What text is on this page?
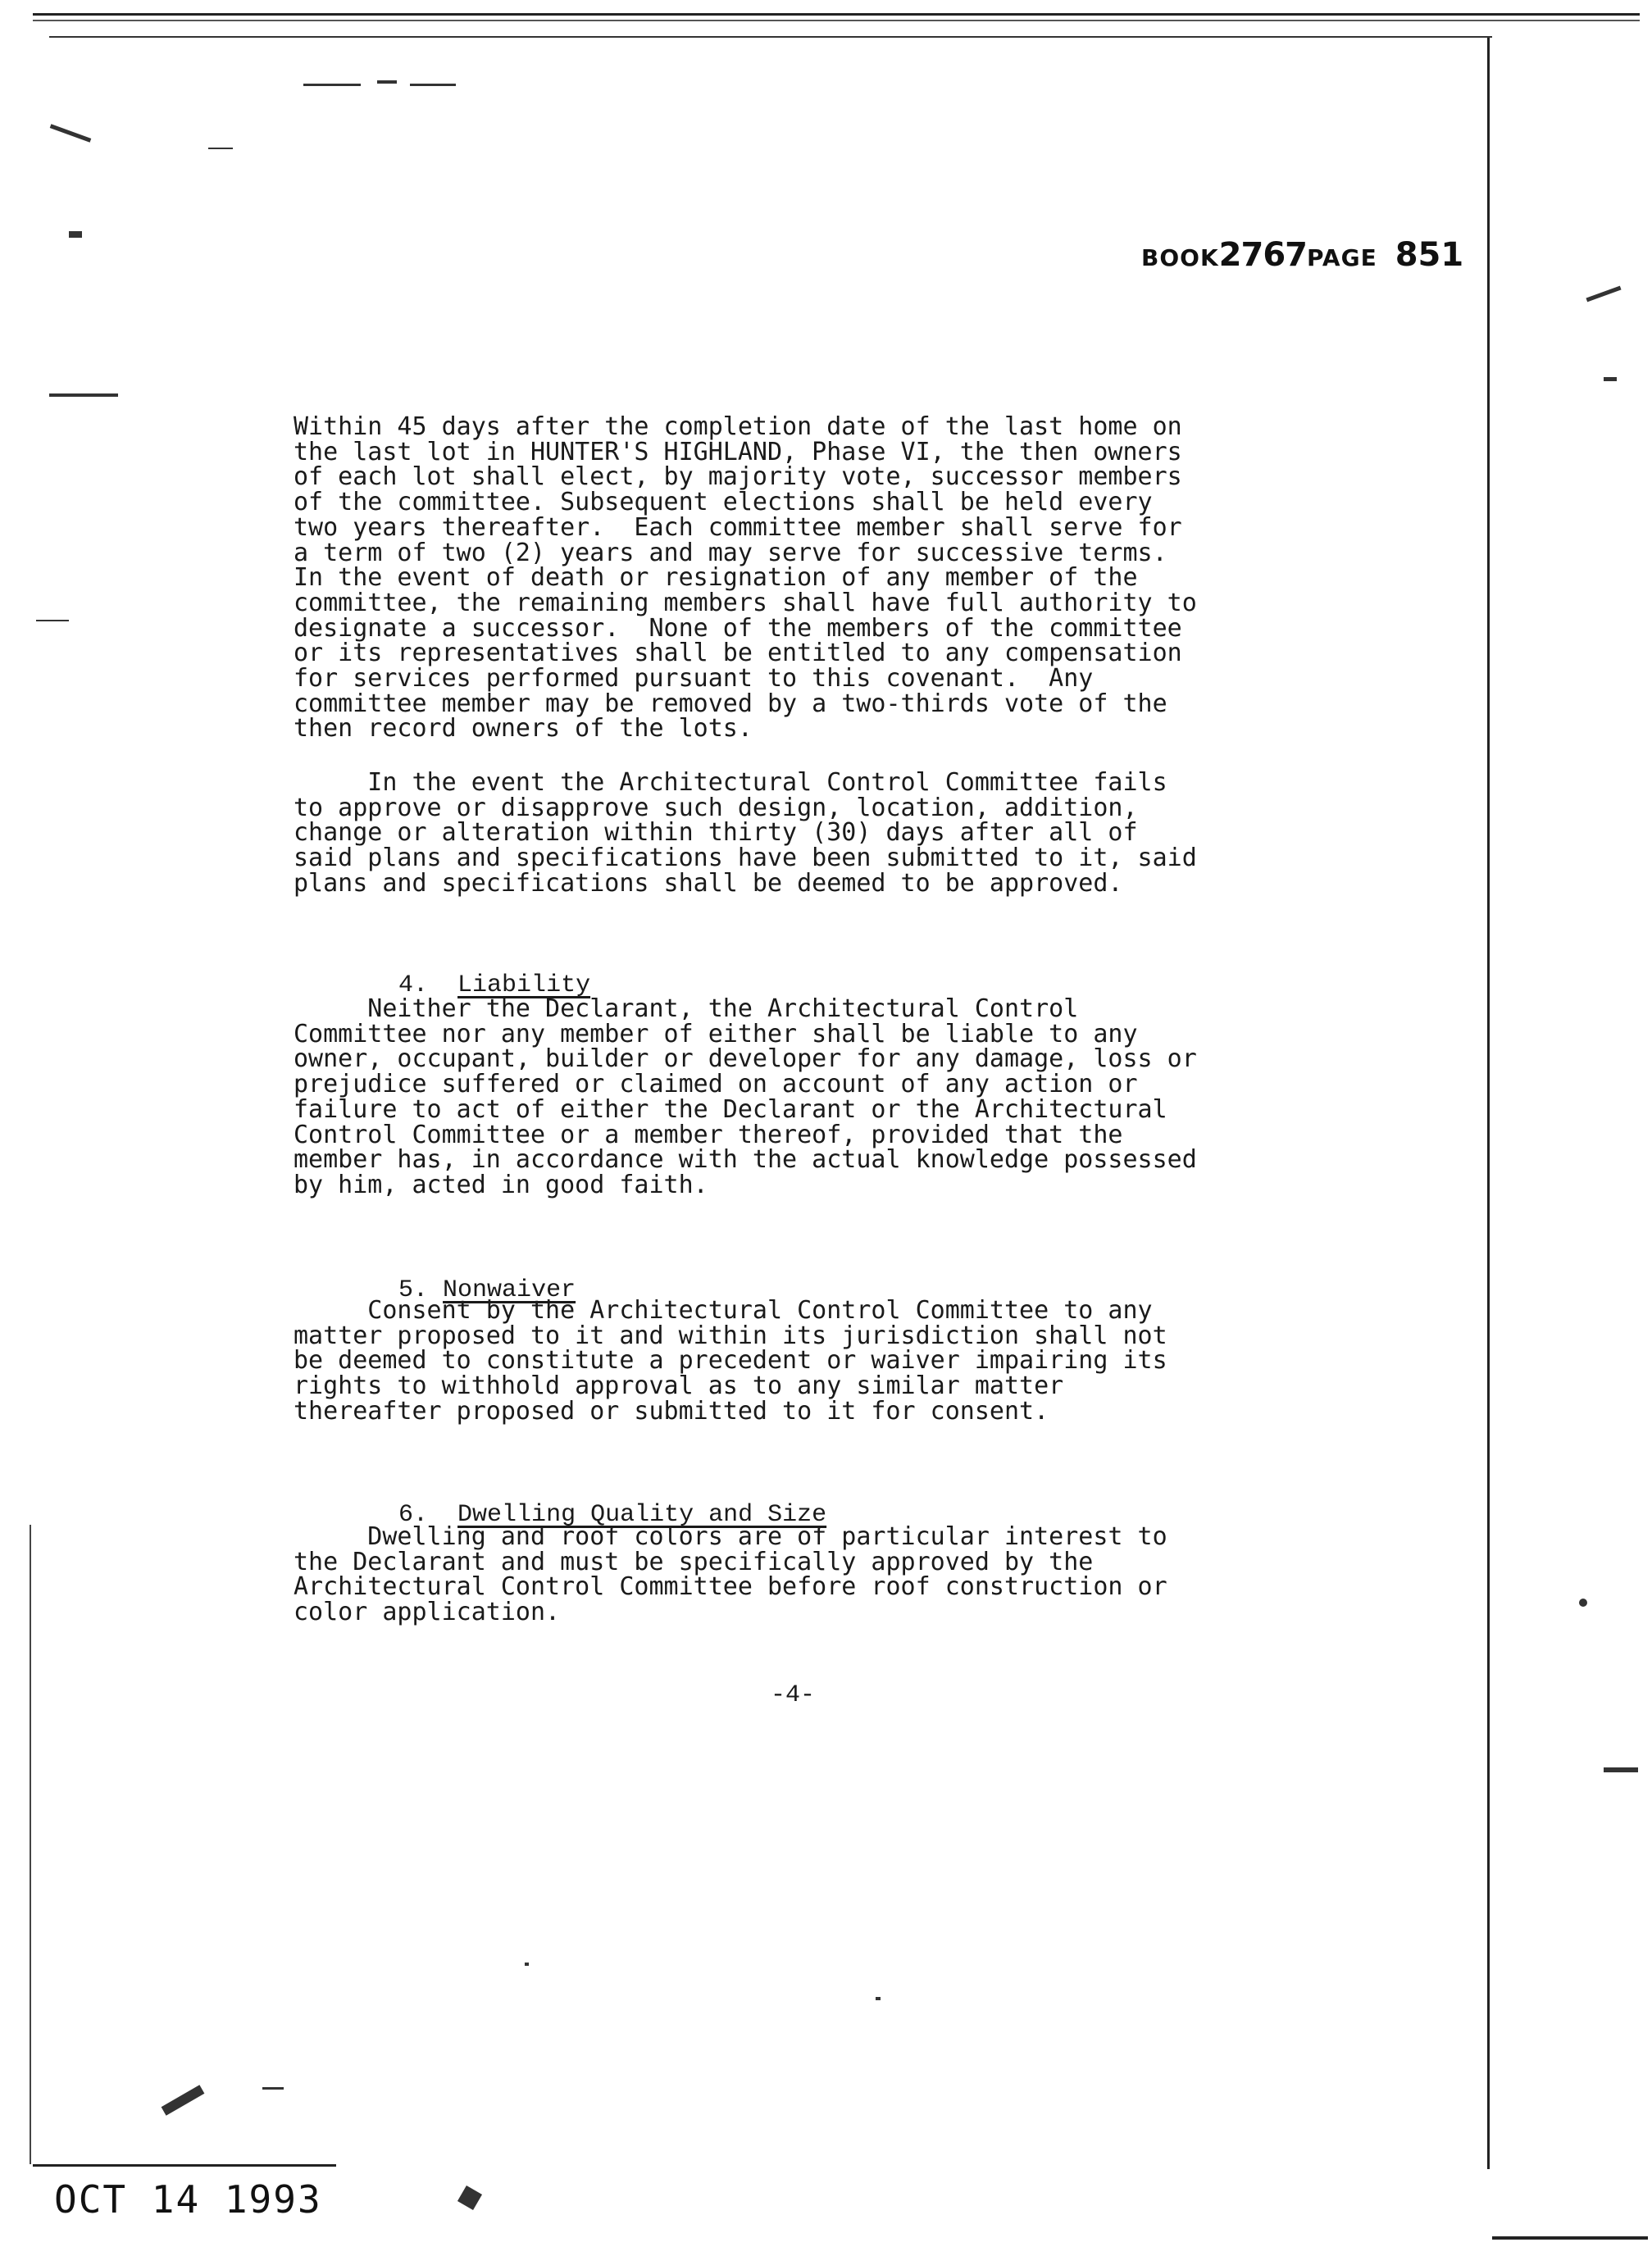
BOOK2767PAGE 851
Within 45 days after the completion date of the last home on
the last lot in HUNTER'S HIGHLAND, Phase VI, the then owners
of each lot shall elect, by majority vote, successor members
of the committee. Subsequent elections shall be held every
two years thereafter.  Each committee member shall serve for
a term of two (2) years and may serve for successive terms.
In the event of death or resignation of any member of the
committee, the remaining members shall have full authority to
designate a successor.  None of the members of the committee
or its representatives shall be entitled to any compensation
for services performed pursuant to this covenant.  Any
committee member may be removed by a two-thirds vote of the
then record owners of the lots.
In the event the Architectural Control Committee fails
to approve or disapprove such design, location, addition,
change or alteration within thirty (30) days after all of
said plans and specifications have been submitted to it, said
plans and specifications shall be deemed to be approved.

4. Liability

Neither the Declarant, the Architectural Control
Committee nor any member of either shall be liable to any
owner, occupant, builder or developer for any damage, loss or
prejudice suffered or claimed on account of any action or
failure to act of either the Declarant or the Architectural
Control Committee or a member thereof, provided that the
member has, in accordance with the actual knowledge possessed
by him, acted in good faith.

5. Nonwaiver

Consent by the Architectural Control Committee to any
matter proposed to it and within its jurisdiction shall not
be deemed to constitute a precedent or waiver impairing its
rights to withhold approval as to any similar matter
thereafter proposed or submitted to it for consent.

6. Dwelling Quality and Size

Dwelling and roof colors are of particular interest to
the Declarant and must be specifically approved by the
Architectural Control Committee before roof construction or
color application.
-4-
OCT 14 1993
